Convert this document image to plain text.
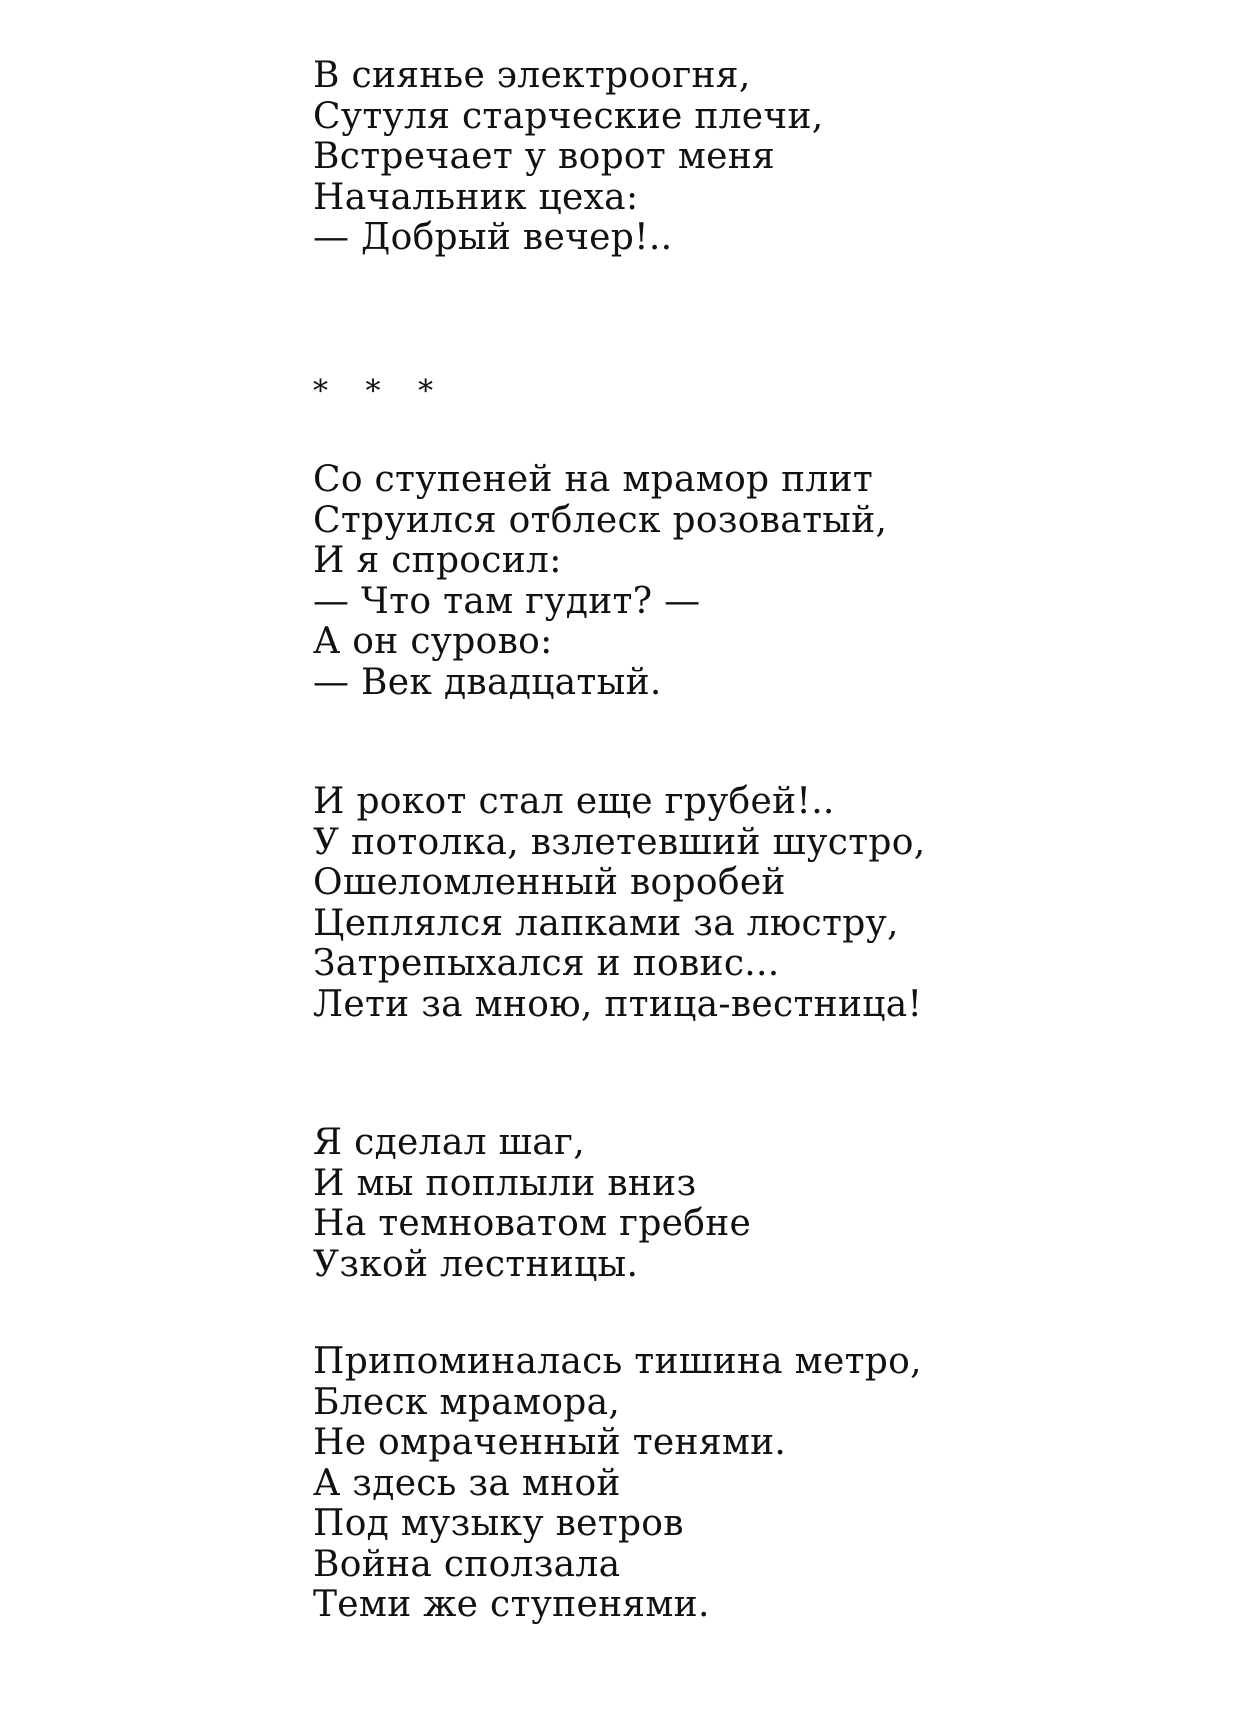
В сиянье электроогня,
Сутуля старческие плечи,
Встречает у ворот меня
Начальник цеха:
— Добрый вечер!..
* * *
Со ступеней на мрамор плит
Струился отблеск розоватый,
И я спросил:
— Что там гудит? —
А он сурово:
— Век двадцатый.
И рокот стал еще грубей!..
У потолка, взлетевший шустро,
Ошеломленный воробей
Цеплялся лапками за люстру,
Затрепыхался и повис...
Лети за мною, птица-вестница!
Я сделал шаг,
И мы поплыли вниз
На темноватом гребне
Узкой лестницы.
Припоминалась тишина метро,
Блеск мрамора,
Не омраченный тенями.
А здесь за мной
Под музыку ветров
Война сползала
Теми же ступенями.
